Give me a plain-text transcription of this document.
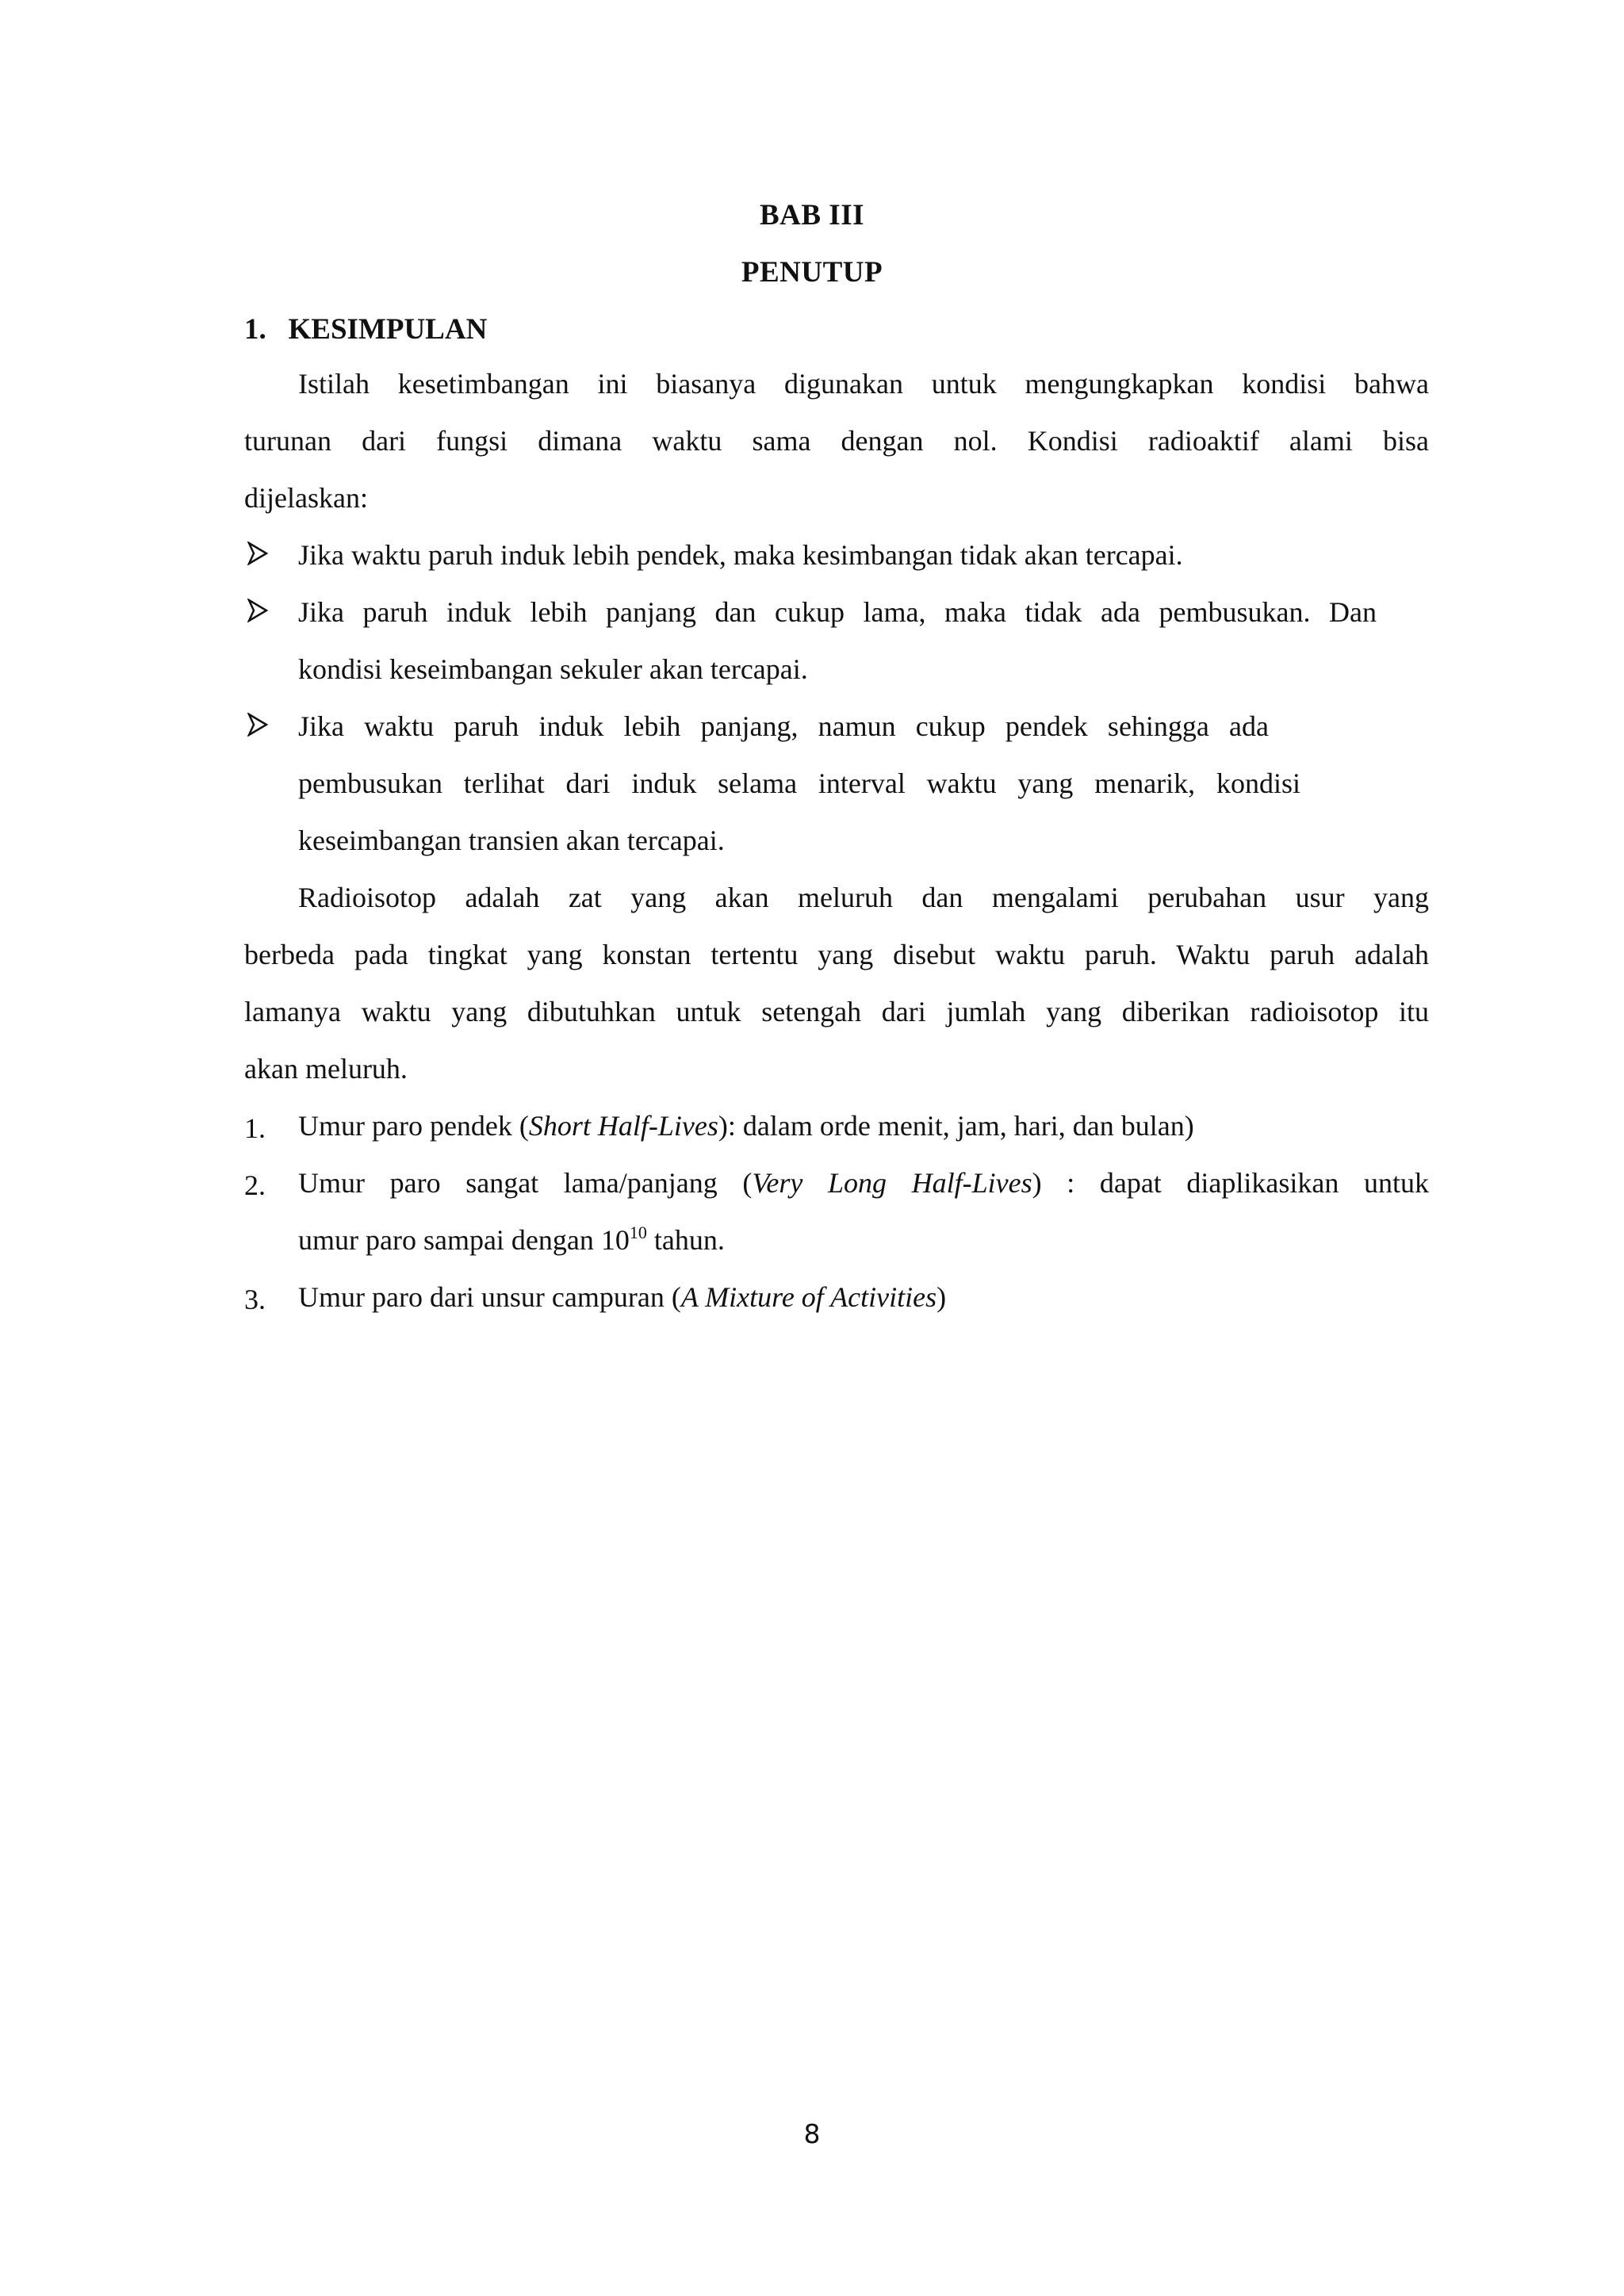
BAB III
PENUTUP
1. KESIMPULAN
Istilah kesetimbangan ini biasanya digunakan untuk mengungkapkan kondisi bahwa
turunan dari fungsi dimana waktu sama dengan nol. Kondisi radioaktif alami bisa
dijelaskan:
Jika waktu paruh induk lebih pendek, maka kesimbangan tidak akan tercapai.
Jika paruh induk lebih panjang dan cukup lama, maka tidak ada pembusukan. Dan
kondisi keseimbangan sekuler akan tercapai.
Jika waktu paruh induk lebih panjang, namun cukup pendek sehingga ada
pembusukan terlihat dari induk selama interval waktu yang menarik, kondisi
keseimbangan transien akan tercapai.
Radioisotop adalah zat yang akan meluruh dan mengalami perubahan usur yang
berbeda pada tingkat yang konstan tertentu yang disebut waktu paruh. Waktu paruh adalah
lamanya waktu yang dibutuhkan untuk setengah dari jumlah yang diberikan radioisotop itu
akan meluruh.
1. Umur paro pendek (Short Half-Lives): dalam orde menit, jam, hari, dan bulan)
2. Umur paro sangat lama/panjang (Very Long Half-Lives) : dapat diaplikasikan untuk
umur paro sampai dengan $10^{10}$ tahun.
3. Umur paro dari unsur campuran (A Mixture of Activities)
8
